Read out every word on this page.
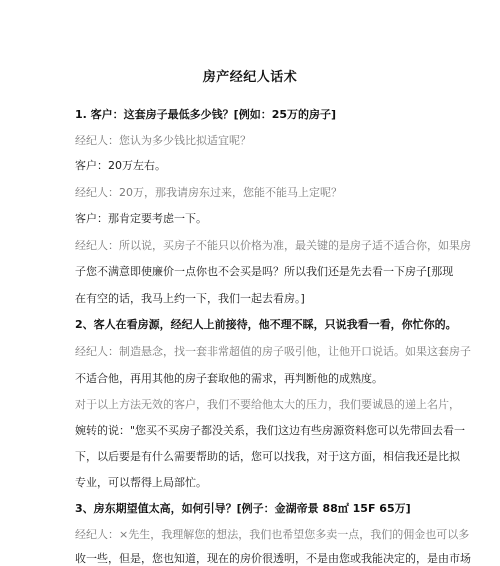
房产经纪人话术
1. 客户：这套房子最低多少钱？[例如：25万的房子]
经纪人：您认为多少钱比拟适宜呢？
客户：20万左右。
经纪人：20万，那我请房东过来，您能不能马上定呢？
客户：那肯定要考虑一下。
经纪人：所以说，买房子不能只以价格为准，最关键的是房子适不适合你，如果房
子您不满意即使廉价一点你也不会买是吗？所以我们还是先去看一下房子[那现
在有空的话，我马上约一下，我们一起去看房。]
2、客人在看房源，经纪人上前接待，他不理不睬，只说我看一看，你忙你的。
经纪人：制造悬念，找一套非常超值的房子吸引他，让他开口说话。如果这套房子
不适合他，再用其他的房子套取他的需求，再判断他的成熟度。
对于以上方法无效的客户，我们不要给他太大的压力，我们要诚恳的递上名片，
婉转的说："您买不买房子都没关系，我们这边有些房源资料您可以先带回去看一
下，以后要是有什么需要帮助的话，您可以找我，对于这方面，相信我还是比拟
专业，可以帮得上局部忙。
3、房东期望值太高，如何引导？[例子：金湖帝景 88㎡ 15F 65万]
经纪人：×先生，我理解您的想法，我们也希望您多卖一点，我们的佣金也可以多
收一些，但是，您也知道，现在的房价很透明，不是由您或我能决定的，是由市场
